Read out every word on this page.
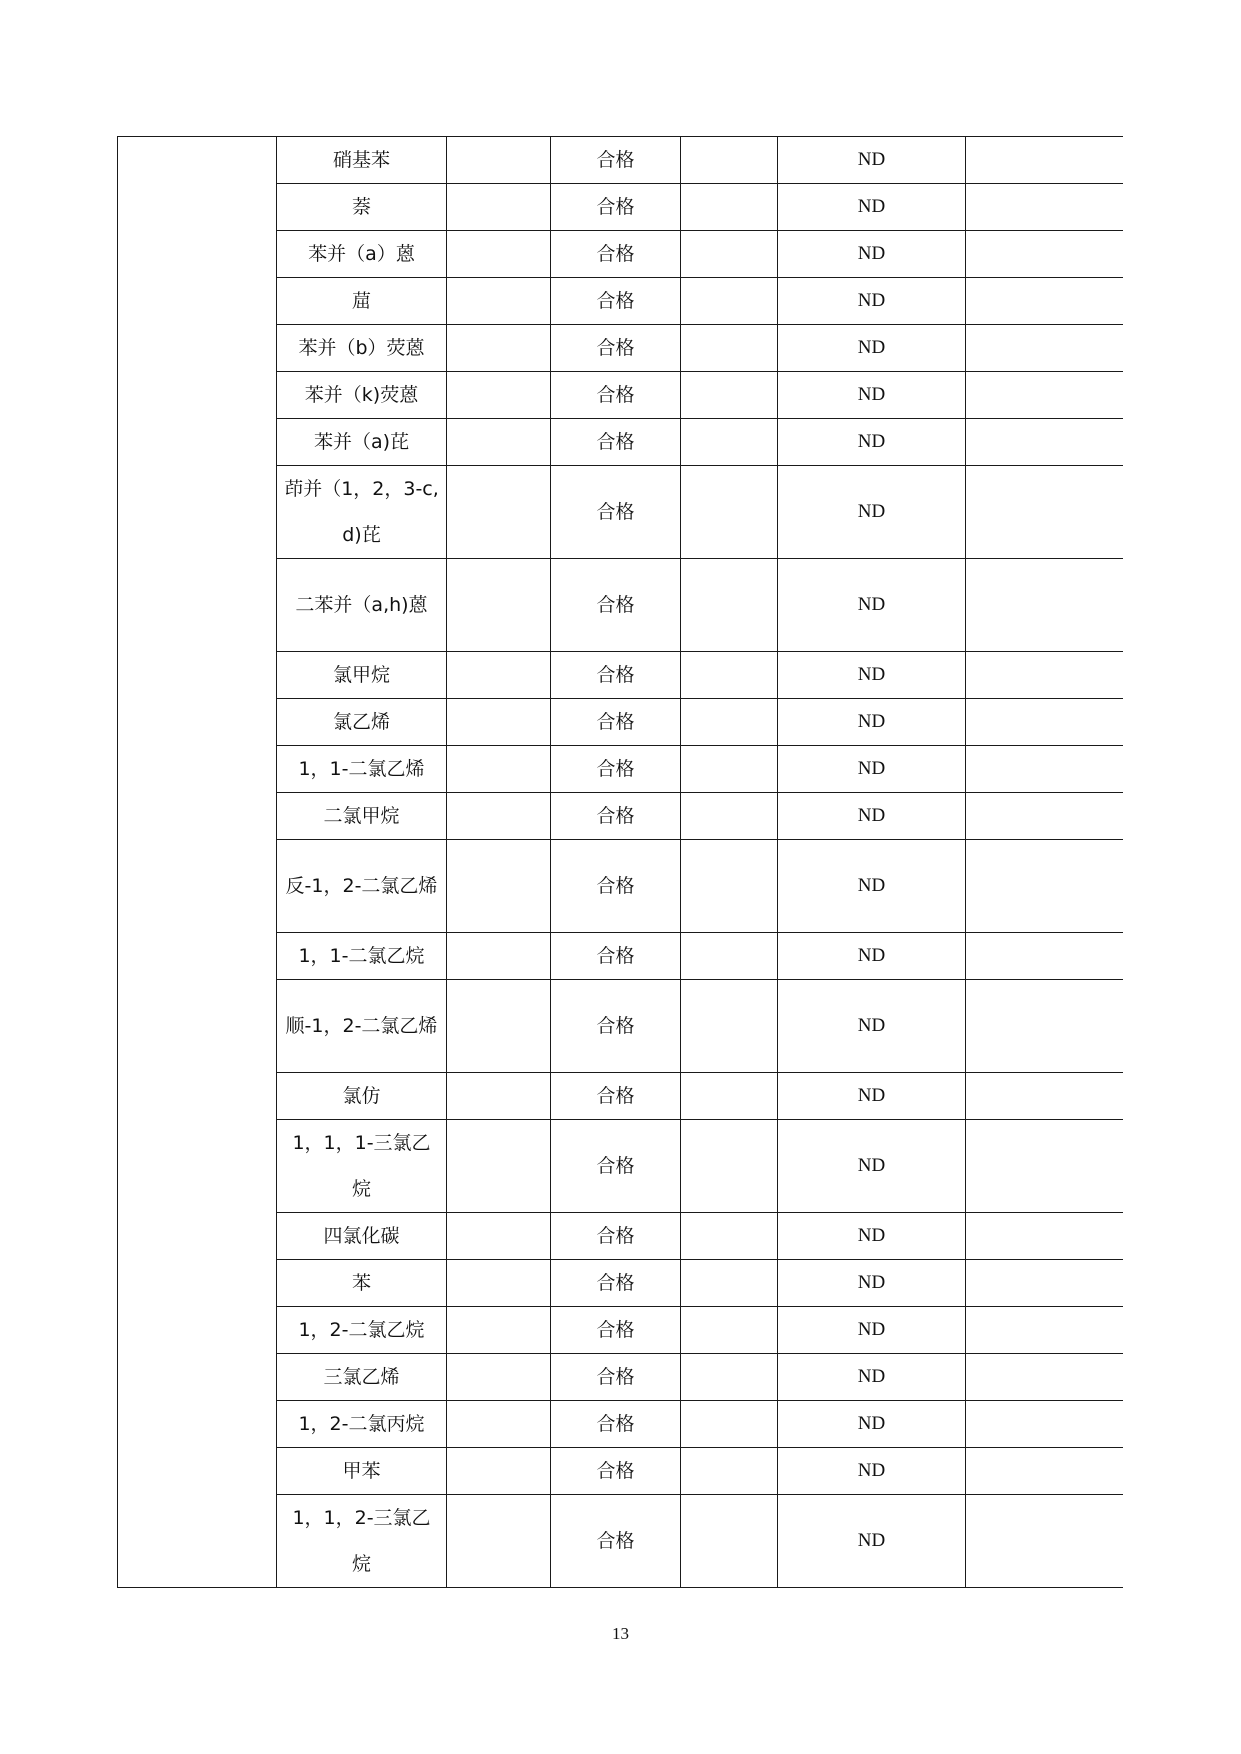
	硝基苯		合格		ND	
	萘		合格		ND	
	苯并（a）蒽		合格		ND	
	䓛		合格		ND	
	苯并（b）荧蒽		合格		ND	
	苯并（k)荧蒽		合格		ND	
	苯并（a)芘		合格		ND	
	茚并（1，2，3-c,d)芘		合格		ND	
	二苯并（a,h)蒽		合格		ND	
	氯甲烷		合格		ND	
	氯乙烯		合格		ND	
	1，1-二氯乙烯		合格		ND	
	二氯甲烷		合格		ND	
	反-1，2-二氯乙烯		合格		ND	
	1，1-二氯乙烷		合格		ND	
	顺-1，2-二氯乙烯		合格		ND	
	氯仿		合格		ND	
	1，1，1-三氯乙烷		合格		ND	
	四氯化碳		合格		ND	
	苯		合格		ND	
	1，2-二氯乙烷		合格		ND	
	三氯乙烯		合格		ND	
	1，2-二氯丙烷		合格		ND	
	甲苯		合格		ND	
	1，1，2-三氯乙烷		合格		ND	
13
